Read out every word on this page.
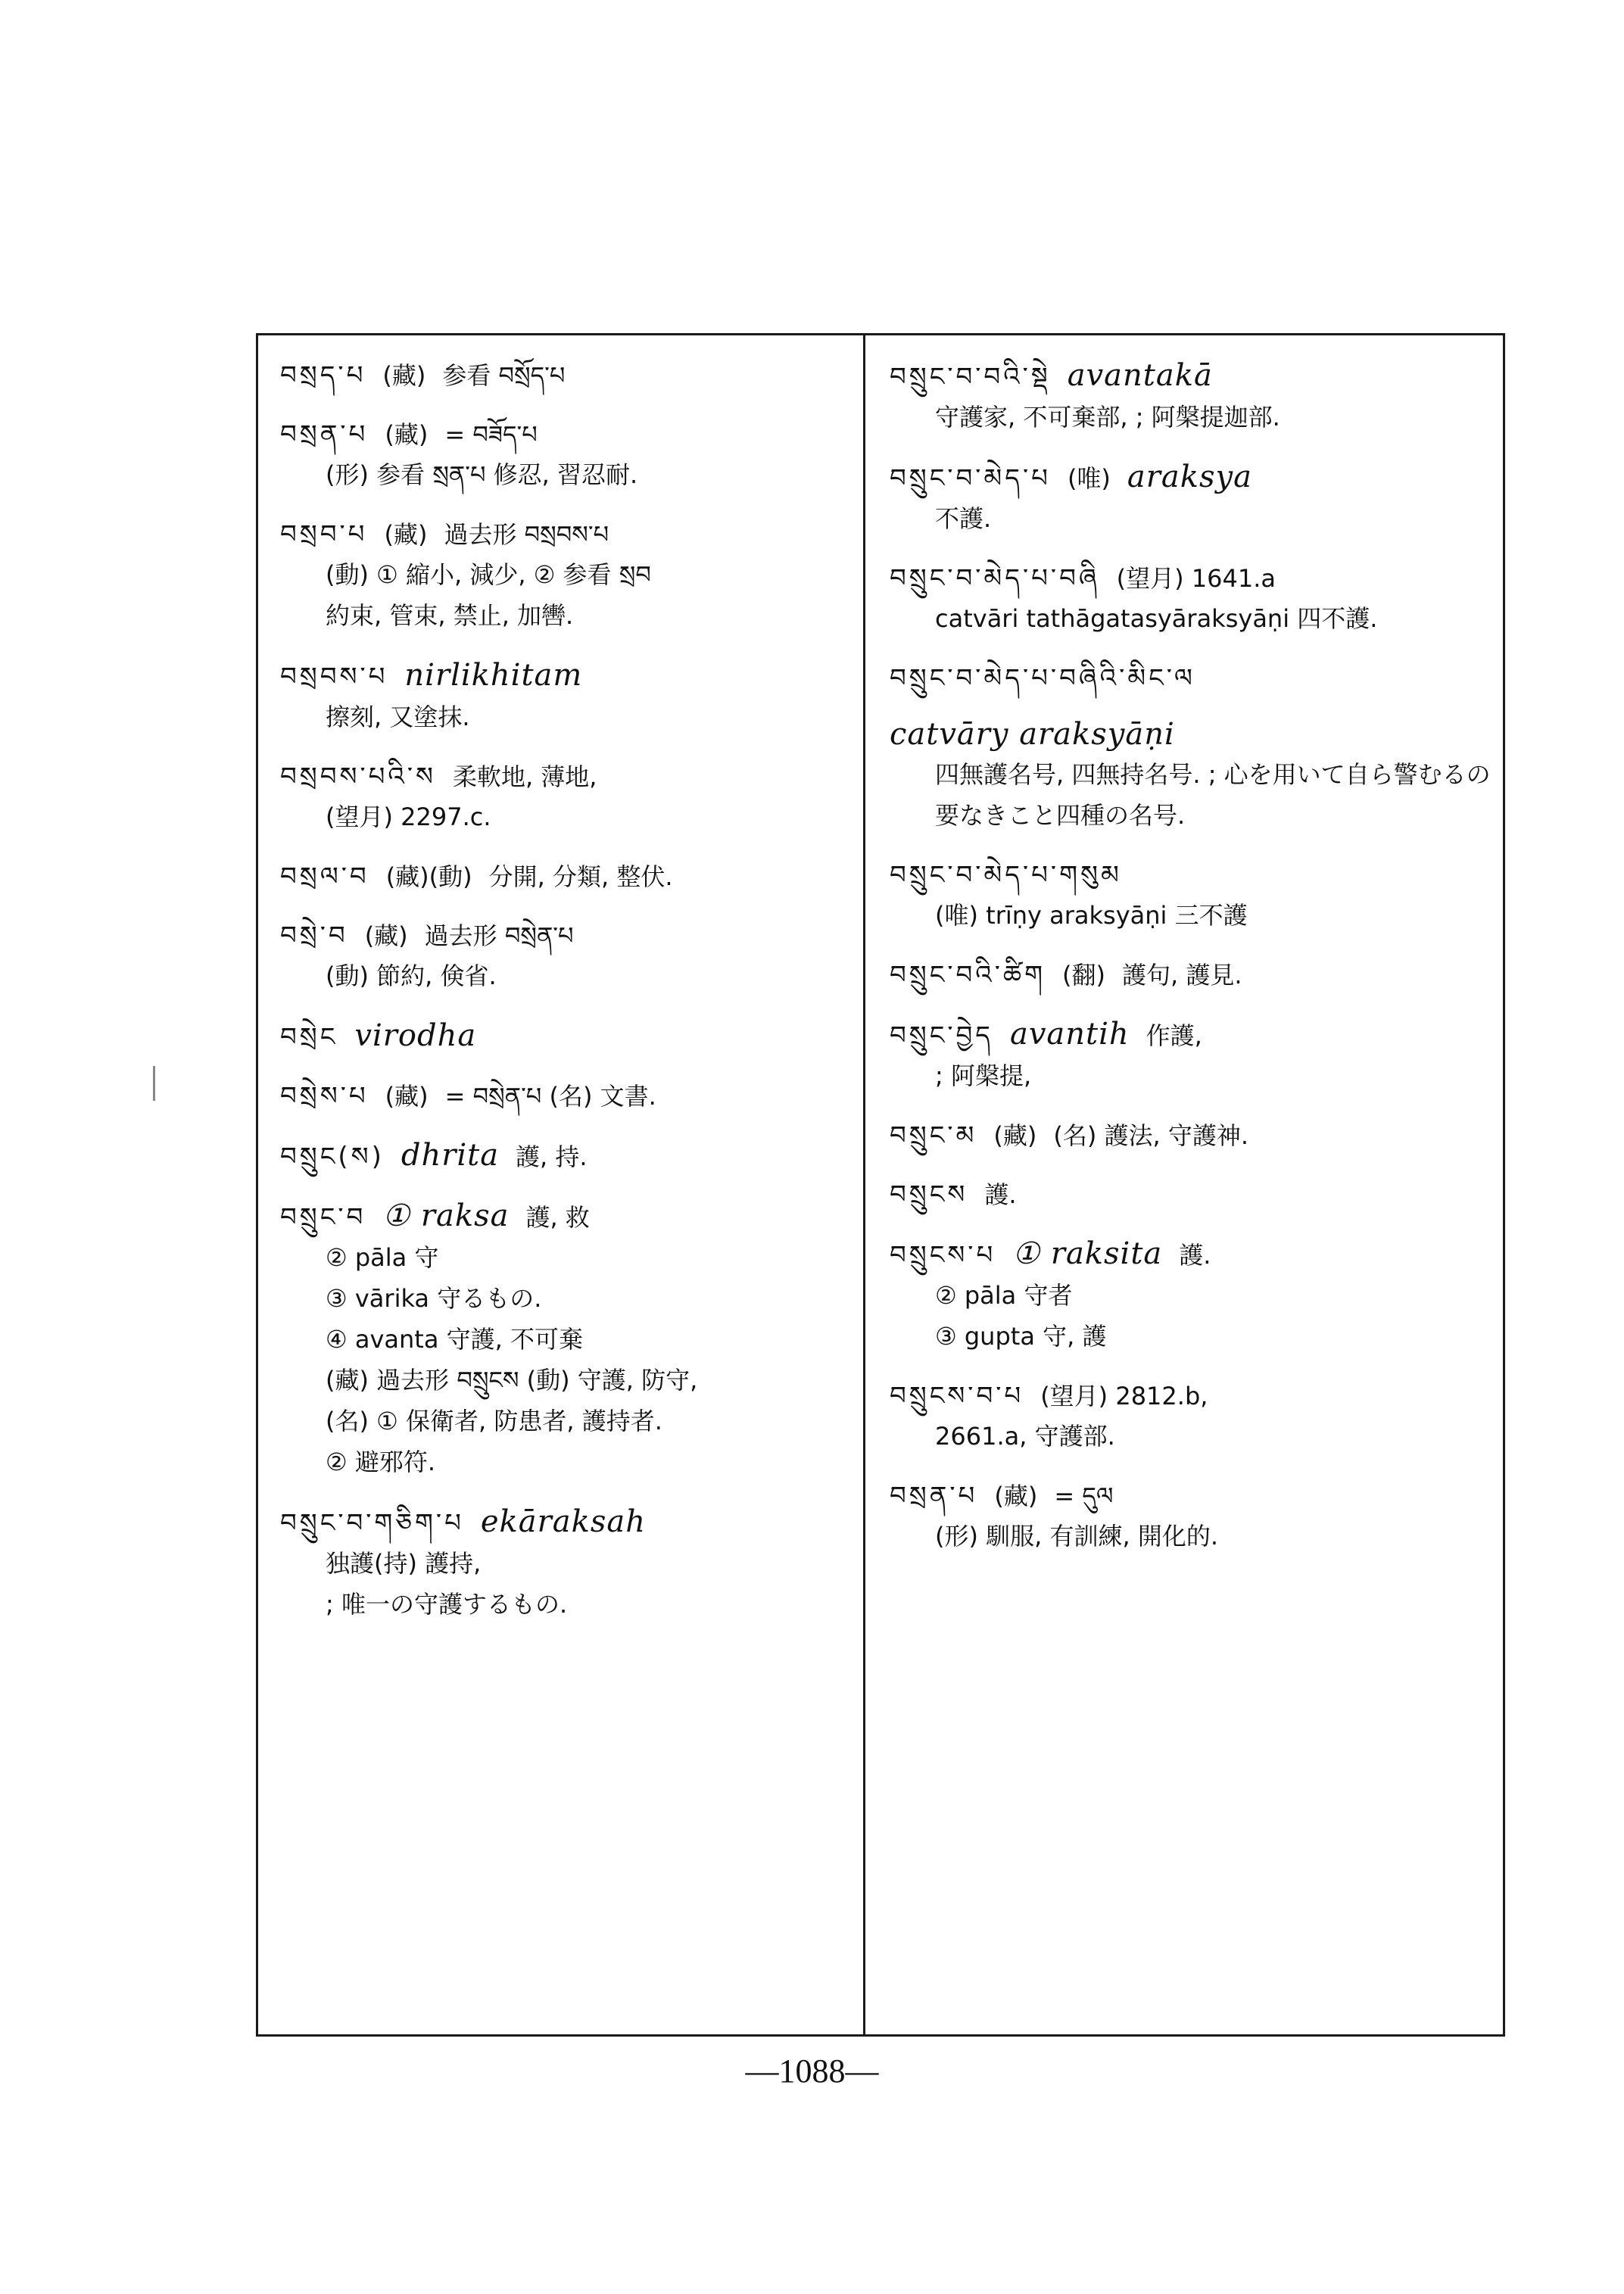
བསྲད་པ (藏) 参看 བསྲོད་པ
བསྲན་པ (藏) = བཟོད་པ
(形) 参看 སྲན་པ 修忍, 習忍耐.
བསྲབ་པ (藏) 過去形 བསྲབས་པ
(動) ① 縮小, 減少, ② 参看 སྲབ
約束, 管束, 禁止, 加轡.
བསྲབས་པ nirlikhitam
擦刻, 又塗抹.
བསྲབས་པའི་ས 柔軟地, 薄地,
(望月) 2297.c.
བསྲལ་བ (藏)(動) 分開, 分類, 整伏.
བསྲེ་བ (藏) 過去形 བསྲེན་པ
(動) 節約, 倹省.
བསྲེང virodha
བསྲེས་པ (藏) = བསྲེན་པ (名) 文書.
བསྲུང(ས) dhrita 護, 持.
བསྲུང་བ ① raksa 護, 救
② pāla 守
③ vārika 守るもの.
④ avanta 守護, 不可棄
(藏) 過去形 བསྲུངས (動) 守護, 防守,
(名) ① 保衛者, 防患者, 護持者.
② 避邪符.
བསྲུང་བ་གཅིག་པ ekāraksah
独護(持) 護持,
; 唯一の守護するもの.
བསྲུང་བ་བའི་སྡེ avantakā
守護家, 不可棄部, ; 阿槃提迦部.
བསྲུང་བ་མེད་པ (唯) araksya
不護.
བསྲུང་བ་མེད་པ་བཞི (望月) 1641.a
catvāri tathāgatasyāraksyāṇi 四不護.
བསྲུང་བ་མེད་པ་བཞིའི་མིང་ལ
catvāry araksyāṇi
四無護名号, 四無持名号. ; 心を用いて自ら警むるの要なきこと四種の名号.
བསྲུང་བ་མེད་པ་གསུམ
(唯) trīṇy araksyāṇi 三不護
བསྲུང་བའི་ཚིག (翻) 護句, 護見.
བསྲུང་བྱེད avantih 作護,
; 阿槃提,
བསྲུང་མ (藏) (名) 護法, 守護神.
བསྲུངས 護.
བསྲུངས་པ ① raksita 護.
② pāla 守者
③ gupta 守, 護
བསྲུངས་བ་པ (望月) 2812.b,
2661.a, 守護部.
བསྲན་པ (藏) = དུལ
(形) 馴服, 有訓練, 開化的.
—1088—
